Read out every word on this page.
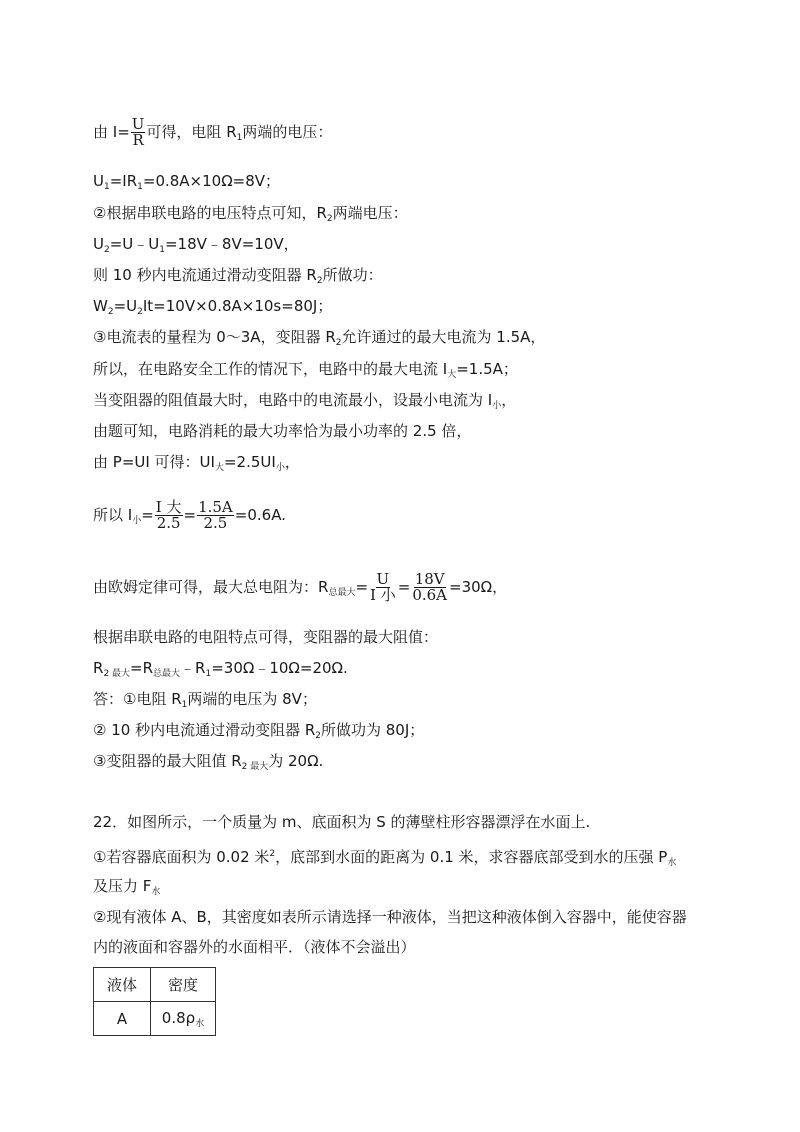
由 $I= \frac{U}{R}$ 可得，电阻 $R_1$两端的电压：
$U_1=IR_1=0.8A\times 10\Omega=8V$；
②根据串联电路的电压特点可知，$R_2$两端电压：
$U_2=U﹣U_1=18V﹣8V=10V$，
则 10 秒内电流通过滑动变阻器 $R_2$所做功：
$W_2=U_2It=10V\times 0.8A\times 10s=80J$；
③电流表的量程为 0～3A，变阻器 $R_2$允许通过的最大电流为 1.5A，
所以，在电路安全工作的情况下，电路中的最大电流 $I_大=1.5A$；
当变阻器的阻值最大时，电路中的电流最小，设最小电流为 $I_小$，
由题可知，电路消耗的最大功率恰为最小功率的 2.5 倍，
由 P=UI 可得：$UI_大=2.5UI_小$，
所以 $I_小= \frac{\text{I 大}}{2.5} = \frac{1.5A}{2.5} =0.6A$.
由欧姆定律可得，最大总电阻为：$R_{总最大}= \frac{U}{\text{I 小}} = \frac{18V}{0.6A} =30\Omega$，
根据串联电路的电阻特点可得，变阻器的最大阻值：
$R_{2 最大}=R_{总最大}﹣R_1=30\Omega﹣10\Omega=20\Omega$.
答：①电阻 $R_1$两端的电压为 8V；
② 10 秒内电流通过滑动变阻器 $R_2$所做功为 80J；
③变阻器的最大阻值 $R_{2 最大}$为 20Ω.
22．如图所示，一个质量为 m、底面积为 S 的薄壁柱形容器漂浮在水面上.
①若容器底面积为 0.02 米$^2$，底部到水面的距离为 0.1 米，求容器底部受到水的压强 $P_水$
及压力 $F_水$
②现有液体 A、B，其密度如表所示请选择一种液体，当把这种液体倒入容器中，能使容器
内的液面和容器外的水面相平．（液体不会溢出）
液体	密度
A	$0.8\rho_水$
